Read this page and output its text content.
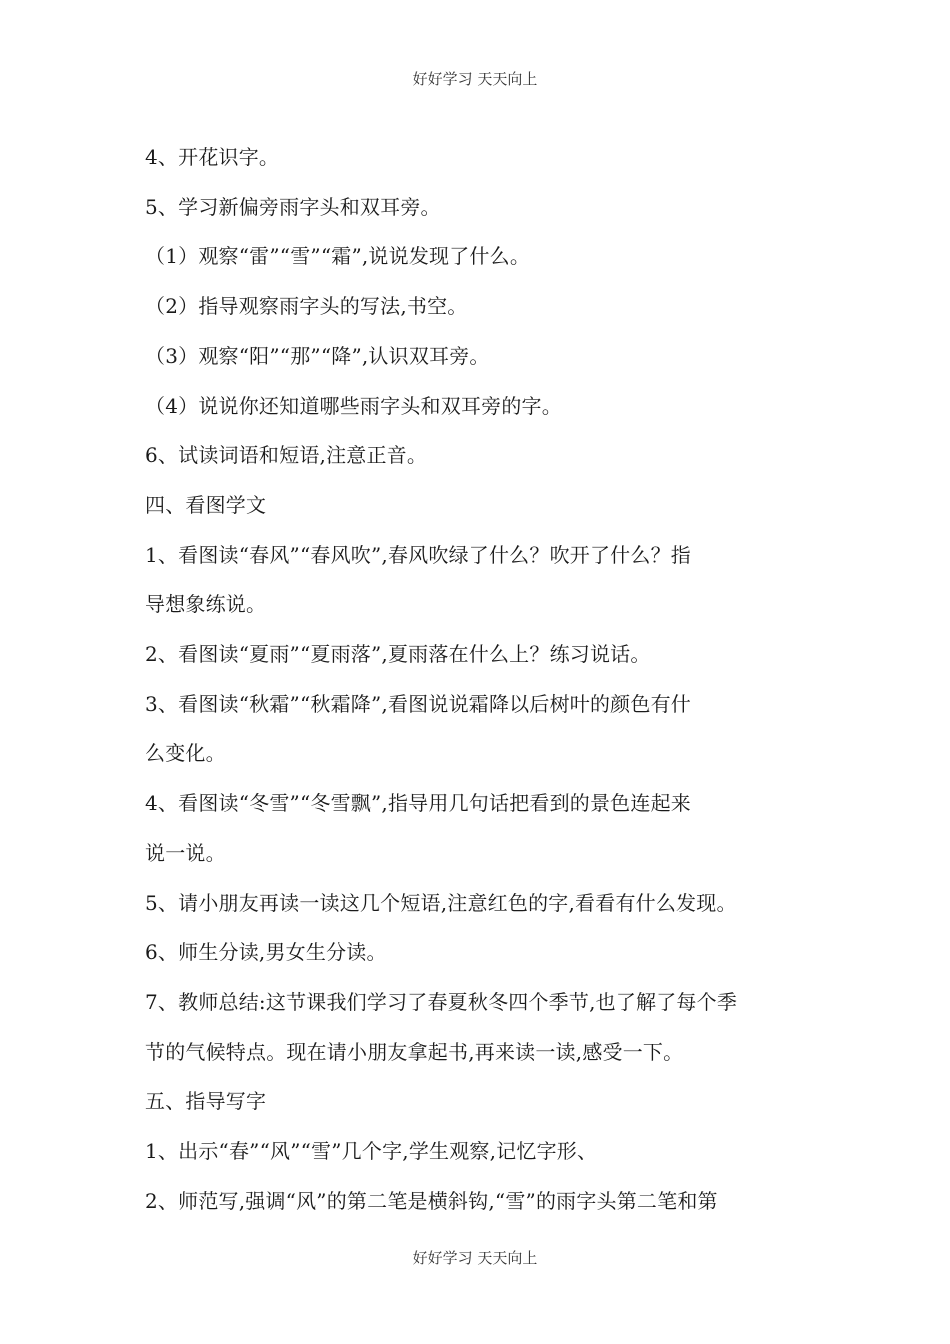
好好学习 天天向上
4、开花识字。
5、学习新偏旁雨字头和双耳旁。
（1）观察“雷”“雪”“霜”,说说发现了什么。
（2）指导观察雨字头的写法,书空。
（3）观察“阳”“那”“降”,认识双耳旁。
（4）说说你还知道哪些雨字头和双耳旁的字。
6、试读词语和短语,注意正音。
四、看图学文
1、看图读“春风”“春风吹”,春风吹绿了什么？吹开了什么？指
导想象练说。
2、看图读“夏雨”“夏雨落”,夏雨落在什么上？练习说话。
3、看图读“秋霜”“秋霜降”,看图说说霜降以后树叶的颜色有什
么变化。
4、看图读“冬雪”“冬雪飘”,指导用几句话把看到的景色连起来
说一说。
5、请小朋友再读一读这几个短语,注意红色的字,看看有什么发现。
6、师生分读,男女生分读。
7、教师总结:这节课我们学习了春夏秋冬四个季节,也了解了每个季
节的气候特点。现在请小朋友拿起书,再来读一读,感受一下。
五、指导写字
1、出示“春”“风”“雪”几个字,学生观察,记忆字形、
2、师范写,强调“风”的第二笔是横斜钩,“雪”的雨字头第二笔和第
好好学习 天天向上
